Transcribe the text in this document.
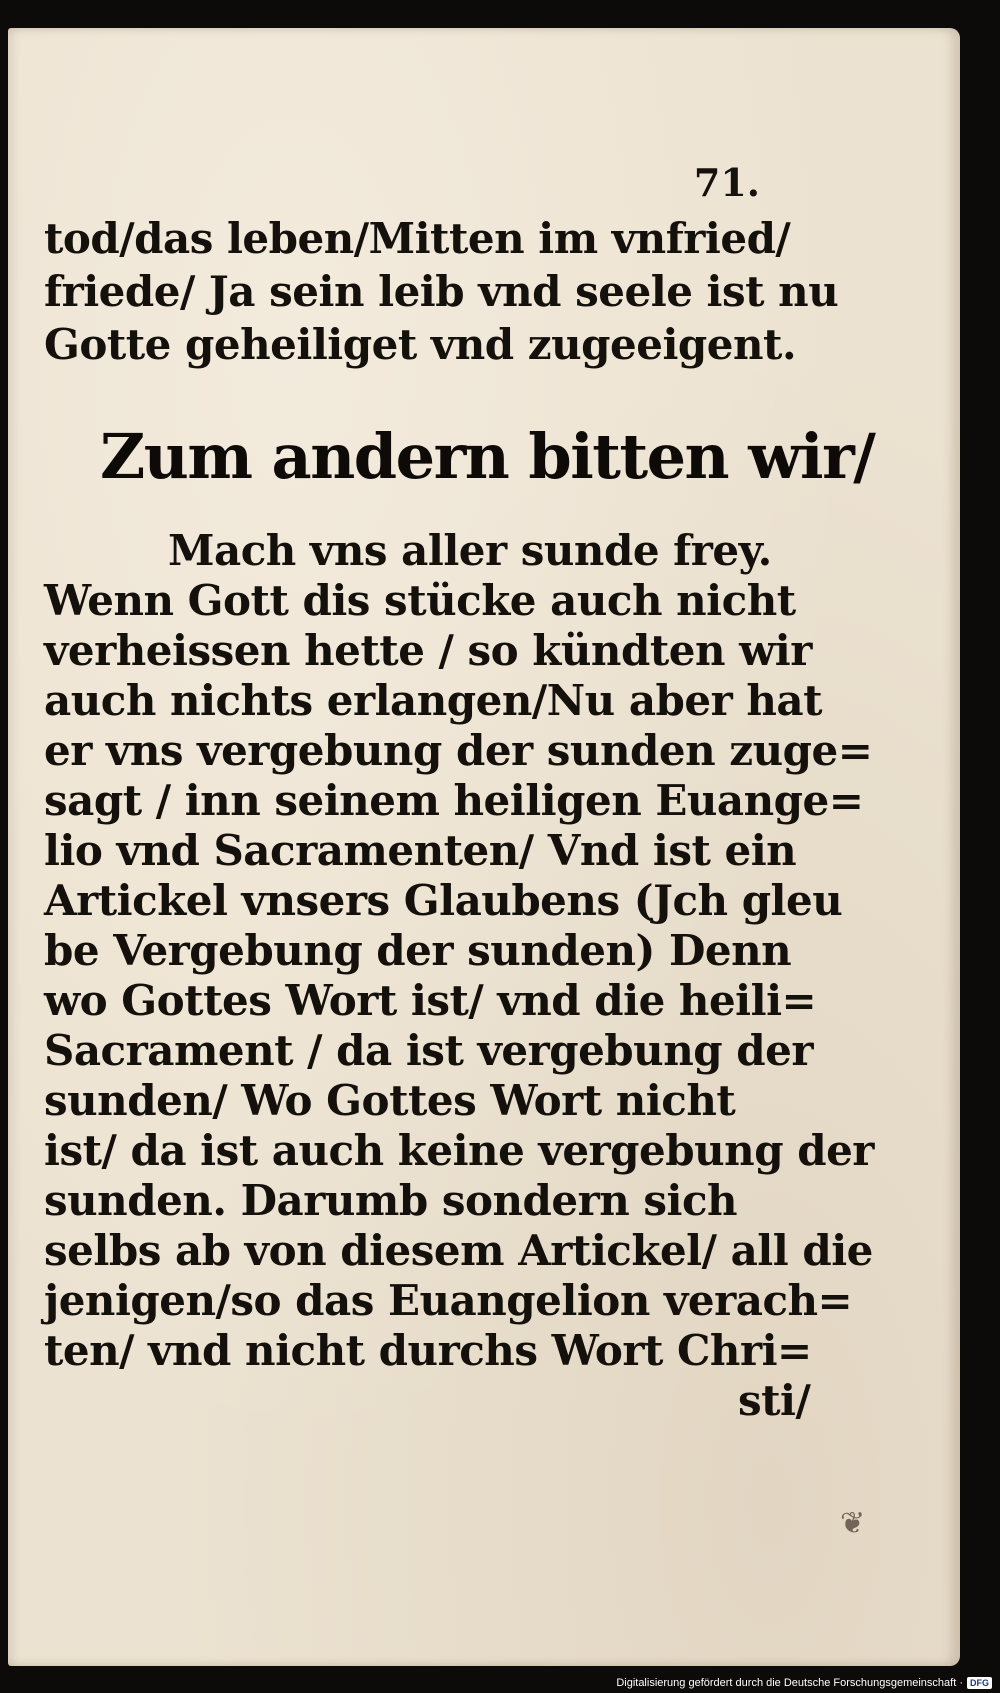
71.

tod/das leben/Mitten im vnfried/

friede/ Ja sein leib vnd seele ist nu

Gotte geheiliget vnd zugeeigent.

Zum andern bitten wir/

Mach vns aller sunde frey.

Wenn Gott dis stücke auch nicht

verheissen hette / so kündten wir

auch nichts erlangen/Nu aber hat

er vns vergebung der sunden zuge=

sagt / inn seinem heiligen Euange=

lio vnd Sacramenten/ Vnd ist ein

Artickel vnsers Glaubens (Jch gleu

be Vergebung der sunden) Denn

wo Gottes Wort ist/ vnd die heili=

Sacrament / da ist vergebung der

sunden/ Wo Gottes Wort nicht

ist/ da ist auch keine vergebung der

sunden. Darumb sondern sich

selbs ab von diesem Artickel/ all die

jenigen/so das Euangelion verach=

ten/ vnd nicht durchs Wort Chri=

sti/

❦
Digitalisierung gefördert durch die Deutsche Forschungsgemeinschaft · DFG
